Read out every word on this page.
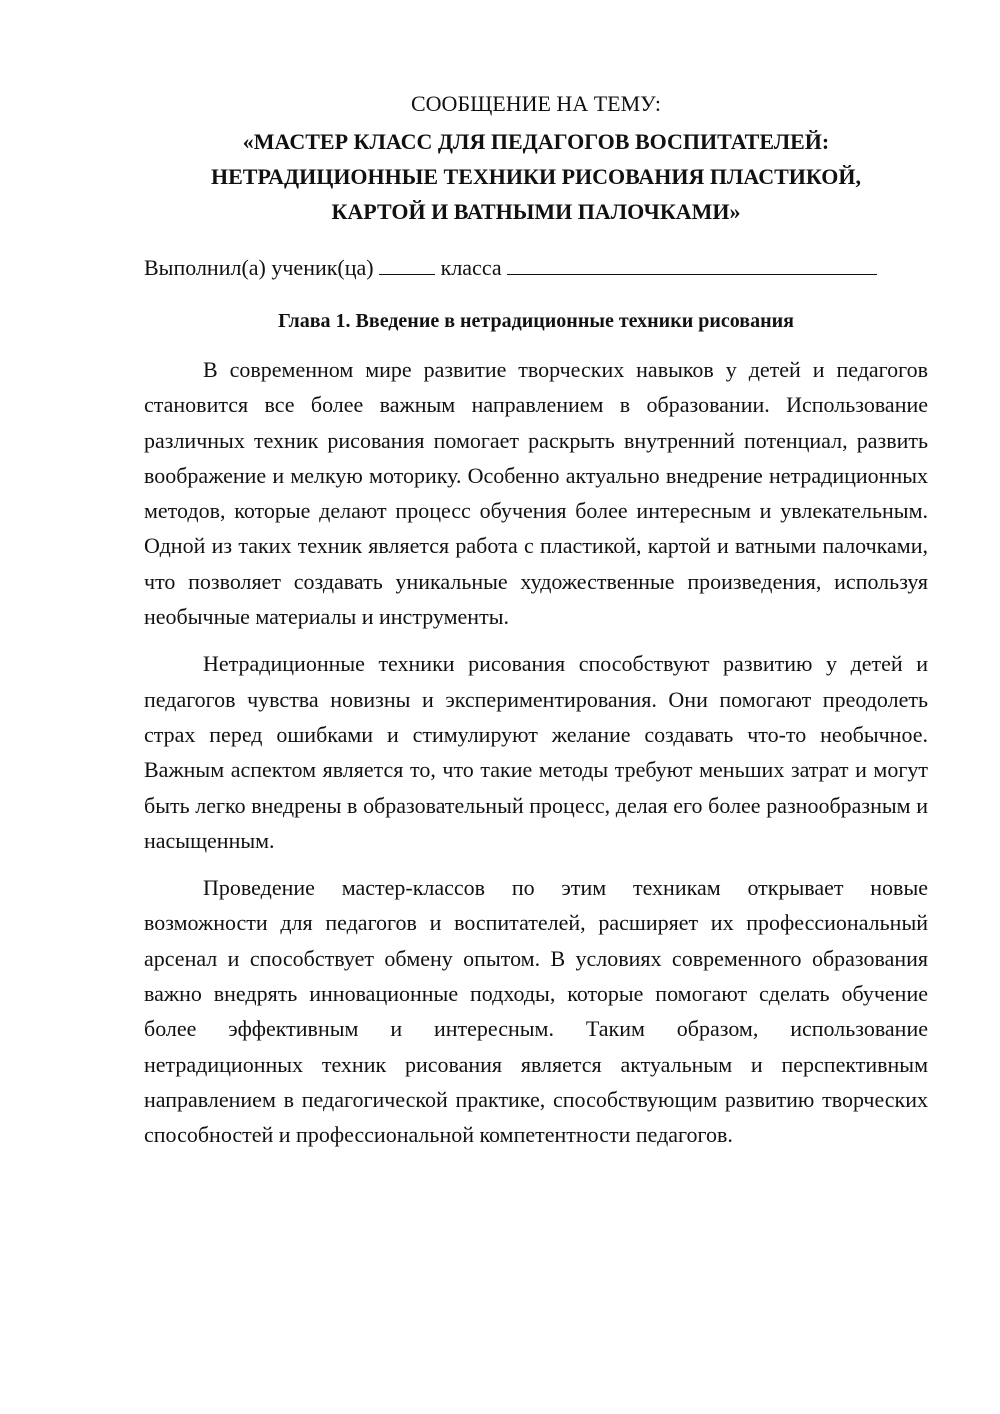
СООБЩЕНИЕ НА ТЕМУ:
«МАСТЕР КЛАСС ДЛЯ ПЕДАГОГОВ ВОСПИТАТЕЛЕЙ:
НЕТРАДИЦИОННЫЕ ТЕХНИКИ РИСОВАНИЯ ПЛАСТИКОЙ,
КАРТОЙ И ВАТНЫМИ ПАЛОЧКАМИ»
Выполнил(а) ученик(ца)	класса
Глава 1. Введение в нетрадиционные техники рисования

В современном мире развитие творческих навыков у детей и педагогов становится все более важным направлением в образовании. Использование различных техник рисования помогает раскрыть внутренний потенциал, развить воображение и мелкую моторику. Особенно актуально внедрение нетрадиционных методов, которые делают процесс обучения более интересным и увлекательным. Одной из таких техник является работа с пластикой, картой и ватными палочками, что позволяет создавать уникальные художественные произведения, используя необычные материалы и инструменты.

Нетрадиционные техники рисования способствуют развитию у детей и педагогов чувства новизны и экспериментирования. Они помогают преодолеть страх перед ошибками и стимулируют желание создавать что-то необычное. Важным аспектом является то, что такие методы требуют меньших затрат и могут быть легко внедрены в образовательный процесс, делая его более разнообразным и насыщенным.

Проведение мастер-классов по этим техникам открывает новые возможности для педагогов и воспитателей, расширяет их профессиональный арсенал и способствует обмену опытом. В условиях современного образования важно внедрять инновационные подходы, которые помогают сделать обучение более эффективным и интересным. Таким образом, использование нетрадиционных техник рисования является актуальным и перспективным направлением в педагогической практике, способствующим развитию творческих способностей и профессиональной компетентности педагогов.
